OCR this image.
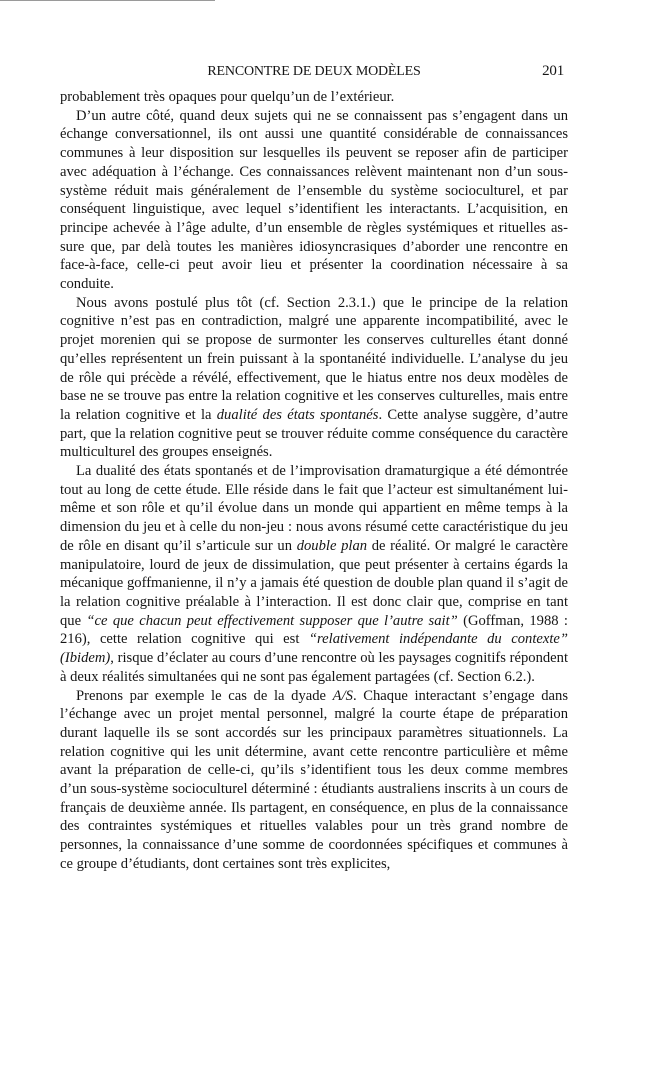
RENCONTRE DE DEUX MODÈLES	201

probablement très opaques pour quelqu’un de l’extérieur.

D’un autre côté, quand deux sujets qui ne se connaissent pas s’engagent dans un échange conversationnel, ils ont aussi une quantité considérable de connaissances communes à leur disposition sur lesquelles ils peuvent se reposer afin de participer avec adéquation à l’échange. Ces connaissances relèvent maintenant non d’un sous-système réduit mais généralement de l’ensemble du système socioculturel, et par conséquent linguistique, avec lequel s’identifient les interactants. L’acquisition, en principe achevée à l’âge adulte, d’un ensemble de règles systémiques et rituelles assure que, par delà toutes les manières idiosyncrasiques d’aborder une rencontre en face-à-face, celle-ci peut avoir lieu et présenter la coordination nécessaire à sa conduite.

Nous avons postulé plus tôt (cf. Section 2.3.1.) que le principe de la relation cognitive n’est pas en contradiction, malgré une apparente incompatibilité, avec le projet morenien qui se propose de surmonter les conserves culturelles étant donné qu’elles représentent un frein puissant à la spontanéité individuelle. L’analyse du jeu de rôle qui précède a révélé, effectivement, que le hiatus entre nos deux modèles de base ne se trouve pas entre la relation cognitive et les conserves culturelles, mais entre la relation cognitive et la dualité des états spontanés. Cette analyse suggère, d’autre part, que la relation cognitive peut se trouver réduite comme conséquence du caractère multiculturel des groupes enseignés.

La dualité des états spontanés et de l’improvisation dramaturgique a été démontrée tout au long de cette étude. Elle réside dans le fait que l’acteur est simultanément lui-même et son rôle et qu’il évolue dans un monde qui appartient en même temps à la dimension du jeu et à celle du non-jeu : nous avons résumé cette caractéristique du jeu de rôle en disant qu’il s’articule sur un double plan de réalité. Or malgré le caractère manipulatoire, lourd de jeux de dissimulation, que peut présenter à certains égards la mécanique goffmanienne, il n’y a jamais été question de double plan quand il s’agit de la relation cognitive préalable à l’interaction. Il est donc clair que, comprise en tant que “ce que chacun peut effectivement supposer que l’autre sait” (Goffman, 1988 : 216), cette relation cognitive qui est “relativement indépendante du contexte” (Ibidem), risque d’éclater au cours d’une rencontre où les paysages cognitifs répondent à deux réalités simultanées qui ne sont pas également partagées (cf. Section 6.2.).

Prenons par exemple le cas de la dyade A/S. Chaque interactant s’engage dans l’échange avec un projet mental personnel, malgré la courte étape de préparation durant laquelle ils se sont accordés sur les principaux paramètres situationnels. La relation cognitive qui les unit détermine, avant cette rencontre particulière et même avant la préparation de celle-ci, qu’ils s’identifient tous les deux comme membres d’un sous-système socioculturel déterminé : étudiants australiens inscrits à un cours de français de deuxième année. Ils partagent, en conséquence, en plus de la connaissance des contraintes systémiques et rituelles valables pour un très grand nombre de personnes, la connaissance d’une somme de coordonnées spécifiques et communes à ce groupe d’étudiants, dont certaines sont très explicites,
